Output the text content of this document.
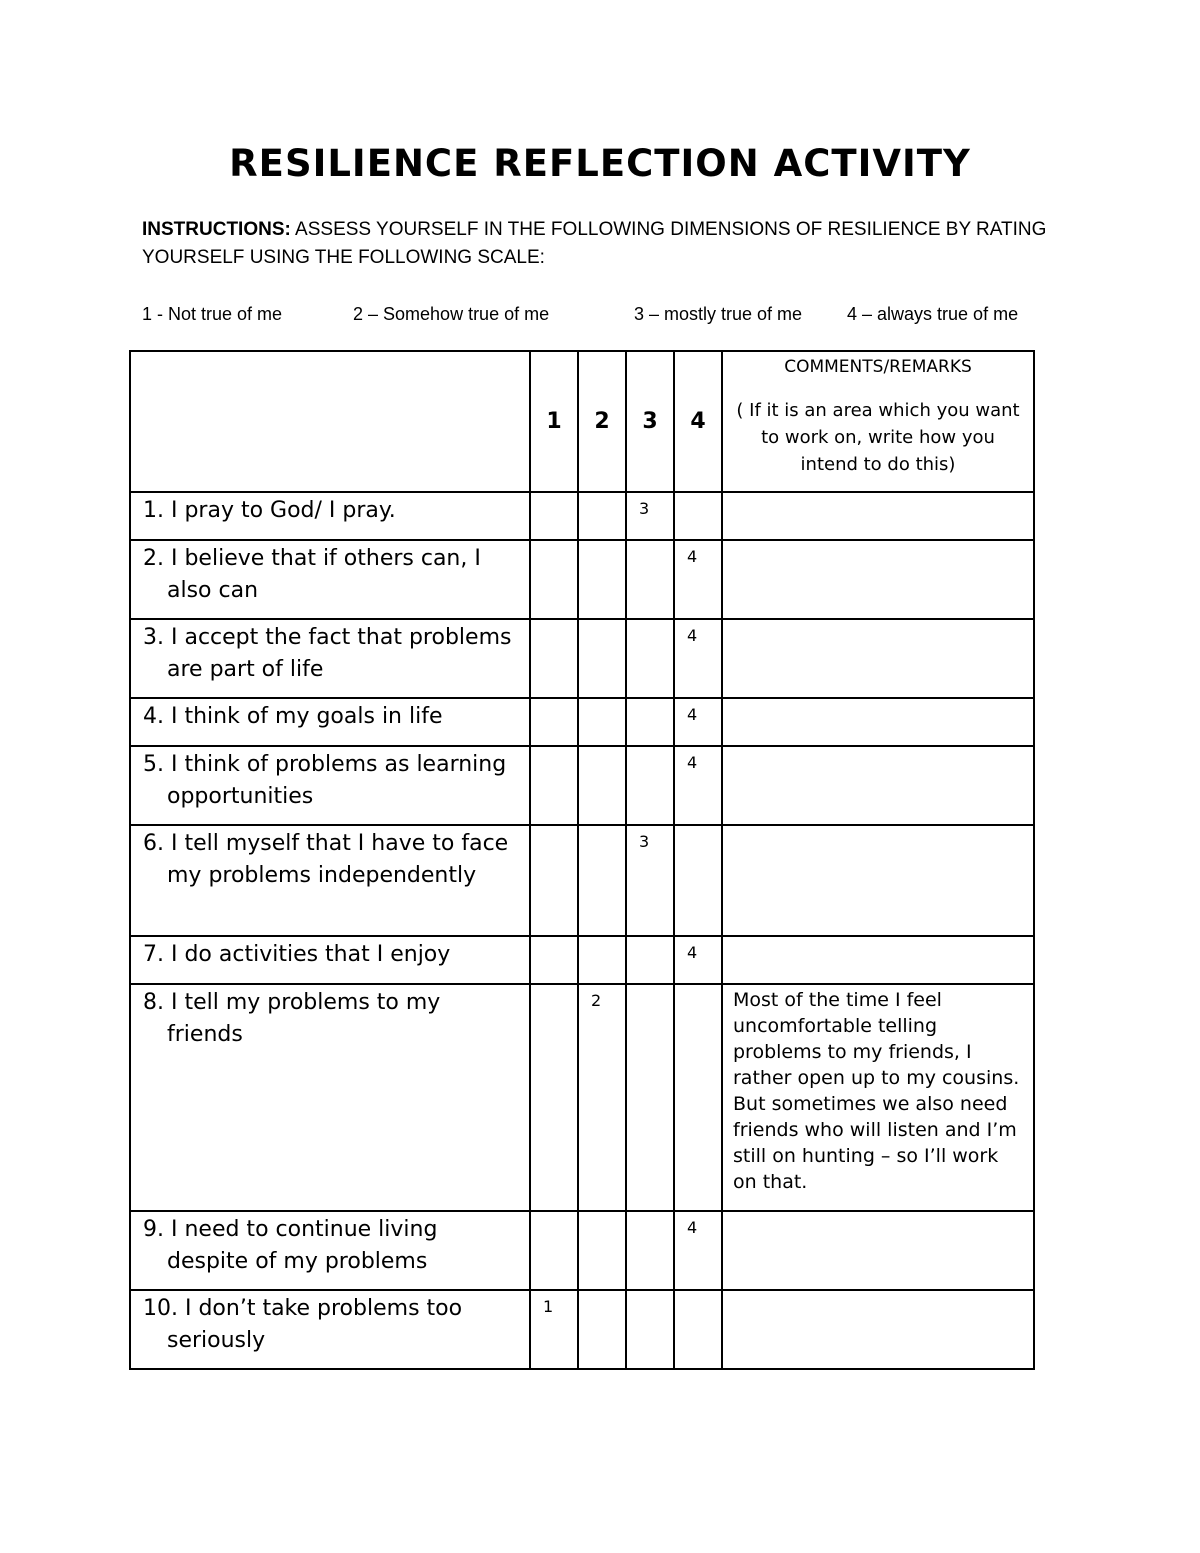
RESILIENCE REFLECTION ACTIVITY
INSTRUCTIONS: ASSESS YOURSELF IN THE FOLLOWING DIMENSIONS OF RESILIENCE BY RATING YOURSELF USING THE FOLLOWING SCALE:
1 - Not true of me	2 – Somehow true of me	3 – mostly true of me 4 – always true of me
	1	2	3	4	COMMENTS/REMARKS
( If it is an area which you want to work on, write how you intend to do this)

1. I pray to God/ I pray.			3		

2. I believe that if others can, I also can				4	

3. I accept the fact that problems are part of life				4	

4. I think of my goals in life				4	

5. I think of problems as learning opportunities				4	

6. I tell myself that I have to face my problems independently			3		

7. I do activities that I enjoy				4	

8. I tell my problems to my friends		2			Most of the time I feel uncomfortable telling problems to my friends, I rather open up to my cousins. But sometimes we also need friends who will listen and I’m still on hunting – so I’ll work on that.

9. I need to continue living despite of my problems				4	

10. I don’t take problems too seriously	1				
